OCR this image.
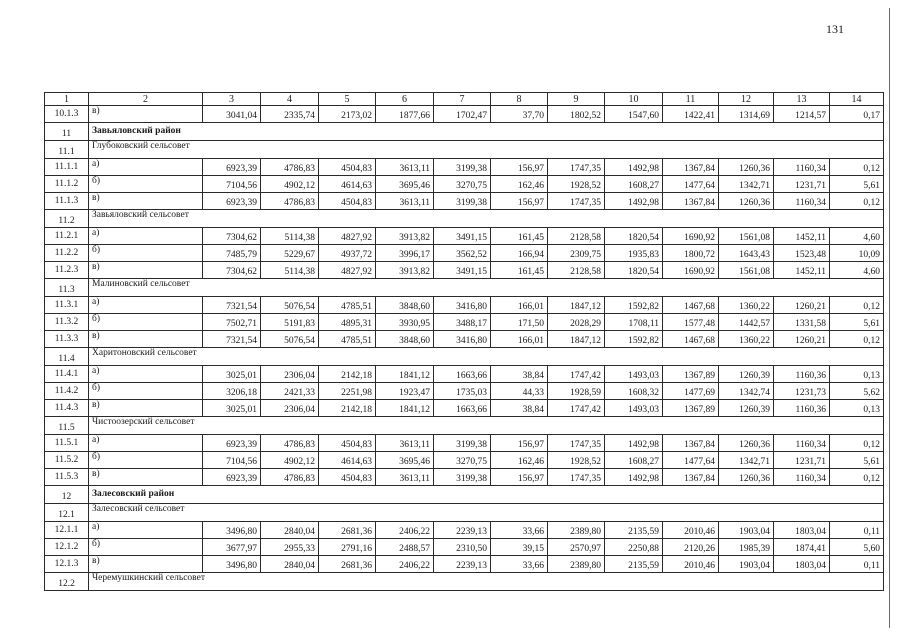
131
1	2	3	4	5	6	7	8	9	10	11	12	13	14
10.1.3	в)	3041,04	2335,74	2173,02	1877,66	1702,47	37,70	1802,52	1547,60	1422,41	1314,69	1214,57	0,17
11	Завьяловский район												
11.1	Глубоковский сельсовет												
11.1.1	а)	6923,39	4786,83	4504,83	3613,11	3199,38	156,97	1747,35	1492,98	1367,84	1260,36	1160,34	0,12
11.1.2	б)	7104,56	4902,12	4614,63	3695,46	3270,75	162,46	1928,52	1608,27	1477,64	1342,71	1231,71	5,61
11.1.3	в)	6923,39	4786,83	4504,83	3613,11	3199,38	156,97	1747,35	1492,98	1367,84	1260,36	1160,34	0,12
11.2	Завьяловский сельсовет												
11.2.1	а)	7304,62	5114,38	4827,92	3913,82	3491,15	161,45	2128,58	1820,54	1690,92	1561,08	1452,11	4,60
11.2.2	б)	7485,79	5229,67	4937,72	3996,17	3562,52	166,94	2309,75	1935,83	1800,72	1643,43	1523,48	10,09
11.2.3	в)	7304,62	5114,38	4827,92	3913,82	3491,15	161,45	2128,58	1820,54	1690,92	1561,08	1452,11	4,60
11.3	Малиновский сельсовет												
11.3.1	а)	7321,54	5076,54	4785,51	3848,60	3416,80	166,01	1847,12	1592,82	1467,68	1360,22	1260,21	0,12
11.3.2	б)	7502,71	5191,83	4895,31	3930,95	3488,17	171,50	2028,29	1708,11	1577,48	1442,57	1331,58	5,61
11.3.3	в)	7321,54	5076,54	4785,51	3848,60	3416,80	166,01	1847,12	1592,82	1467,68	1360,22	1260,21	0,12
11.4	Харитоновский сельсовет												
11.4.1	а)	3025,01	2306,04	2142,18	1841,12	1663,66	38,84	1747,42	1493,03	1367,89	1260,39	1160,36	0,13
11.4.2	б)	3206,18	2421,33	2251,98	1923,47	1735,03	44,33	1928,59	1608,32	1477,69	1342,74	1231,73	5,62
11.4.3	в)	3025,01	2306,04	2142,18	1841,12	1663,66	38,84	1747,42	1493,03	1367,89	1260,39	1160,36	0,13
11.5	Чистоозерский сельсовет												
11.5.1	а)	6923,39	4786,83	4504,83	3613,11	3199,38	156,97	1747,35	1492,98	1367,84	1260,36	1160,34	0,12
11.5.2	б)	7104,56	4902,12	4614,63	3695,46	3270,75	162,46	1928,52	1608,27	1477,64	1342,71	1231,71	5,61
11.5.3	в)	6923,39	4786,83	4504,83	3613,11	3199,38	156,97	1747,35	1492,98	1367,84	1260,36	1160,34	0,12
12	Залесовский район												
12.1	Залесовский сельсовет												
12.1.1	а)	3496,80	2840,04	2681,36	2406,22	2239,13	33,66	2389,80	2135,59	2010,46	1903,04	1803,04	0,11
12.1.2	б)	3677,97	2955,33	2791,16	2488,57	2310,50	39,15	2570,97	2250,88	2120,26	1985,39	1874,41	5,60
12.1.3	в)	3496,80	2840,04	2681,36	2406,22	2239,13	33,66	2389,80	2135,59	2010,46	1903,04	1803,04	0,11
12.2	Черемушкинский сельсовет												
